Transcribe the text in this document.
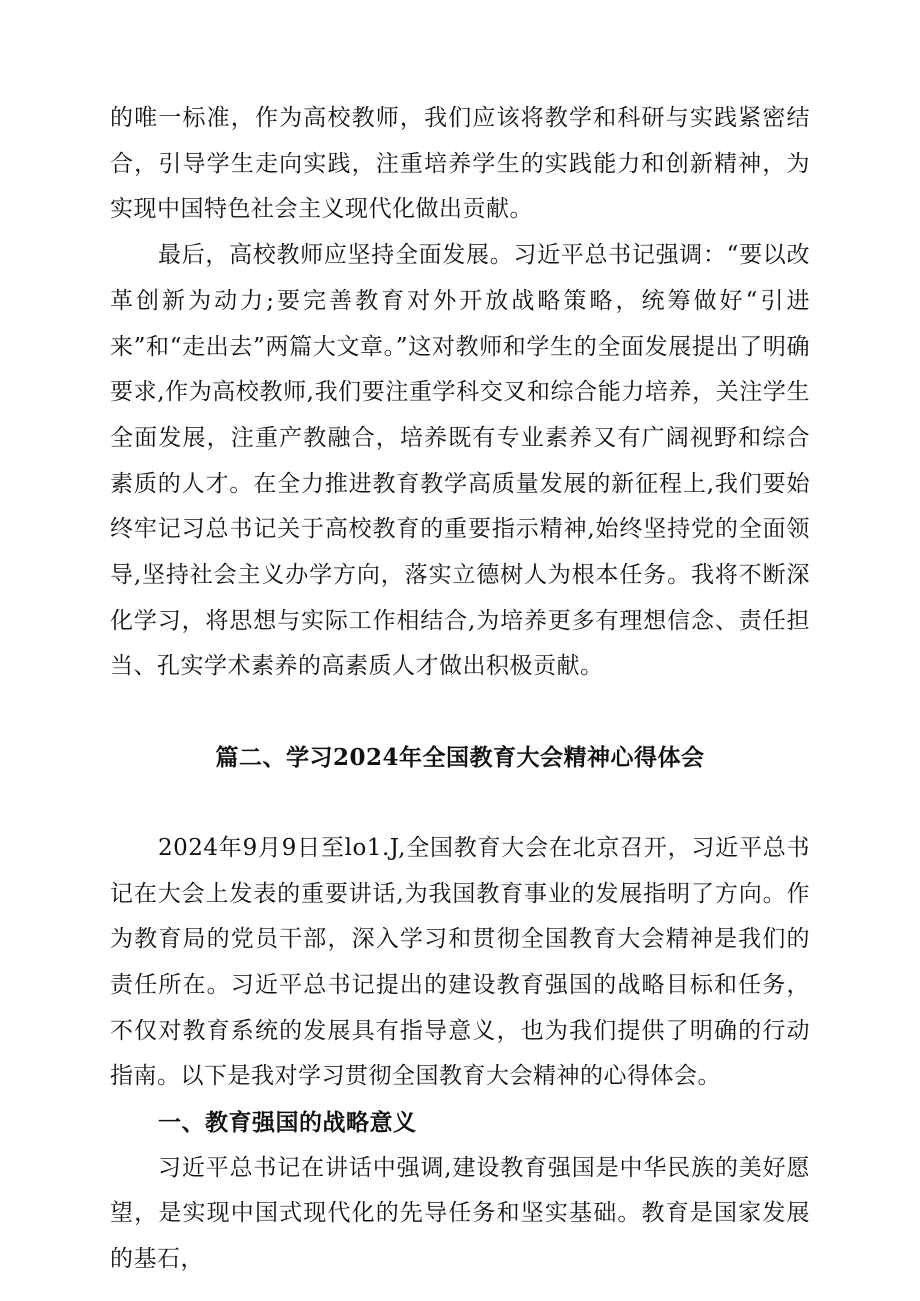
的唯一标准，作为高校教师，我们应该将教学和科研与实践紧密结合，引导学生走向实践，注重培养学生的实践能力和创新精神，为实现中国特色社会主义现代化做出贡献。

最后，高校教师应坚持全面发展。习近平总书记强调：“要以改革创新为动力;要完善教育对外开放战略策略，统筹做好“引进来”和“走出去”两篇大文章。”这对教师和学生的全面发展提出了明确要求,作为高校教师,我们要注重学科交叉和综合能力培养，关注学生全面发展，注重产教融合，培养既有专业素养又有广阔视野和综合素质的人才。在全力推进教育教学高质量发展的新征程上,我们要始终牢记习总书记关于高校教育的重要指示精神,始终坚持党的全面领导,坚持社会主义办学方向，落实立德树人为根本任务。我将不断深化学习，将思想与实际工作相结合,为培养更多有理想信念、责任担当、孔实学术素养的高素质人才做出积极贡献。

篇二、学习2024年全国教育大会精神心得体会

2024年9月9日至lo1.J,全国教育大会在北京召开，习近平总书记在大会上发表的重要讲话,为我国教育事业的发展指明了方向。作为教育局的党员干部，深入学习和贯彻全国教育大会精神是我们的责任所在。习近平总书记提出的建设教育强国的战略目标和任务，不仅对教育系统的发展具有指导意义，也为我们提供了明确的行动指南。以下是我对学习贯彻全国教育大会精神的心得体会。

一、教育强国的战略意义

习近平总书记在讲话中强调,建设教育强国是中华民族的美好愿望，是实现中国式现代化的先导任务和坚实基础。教育是国家发展的基石，
